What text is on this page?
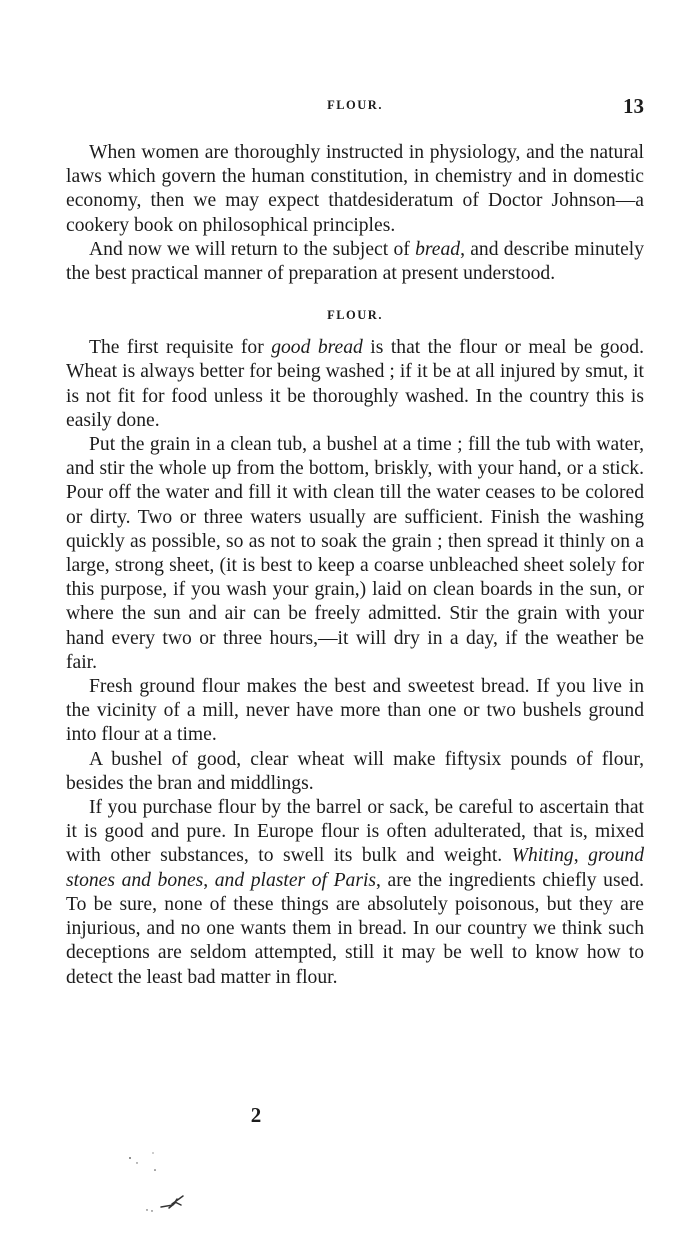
FLOUR.	13

When women are thoroughly instructed in physiology, and the natural laws which govern the human constitution, in chemistry and in domestic economy, then we may expect thatdesideratum of Doctor Johnson—a cookery book on philosophical principles.

And now we will return to the subject of bread, and describe minutely the best practical manner of preparation at present understood.

FLOUR.

The first requisite for good bread is that the flour or meal be good. Wheat is always better for being washed ; if it be at all injured by smut, it is not fit for food unless it be thoroughly washed. In the country this is easily done.

Put the grain in a clean tub, a bushel at a time ; fill the tub with water, and stir the whole up from the bottom, briskly, with your hand, or a stick. Pour off the water and fill it with clean till the water ceases to be colored or dirty. Two or three waters usually are sufficient. Finish the washing quickly as possible, so as not to soak the grain ; then spread it thinly on a large, strong sheet, (it is best to keep a coarse unbleached sheet solely for this purpose, if you wash your grain,) laid on clean boards in the sun, or where the sun and air can be freely admitted. Stir the grain with your hand every two or three hours,—it will dry in a day, if the weather be fair.

Fresh ground flour makes the best and sweetest bread. If you live in the vicinity of a mill, never have more than one or two bushels ground into flour at a time.

A bushel of good, clear wheat will make fiftysix pounds of flour, besides the bran and middlings.

If you purchase flour by the barrel or sack, be careful to ascertain that it is good and pure. In Europe flour is often adulterated, that is, mixed with other substances, to swell its bulk and weight. Whiting, ground stones and bones, and plaster of Paris, are the ingredients chiefly used. To be sure, none of these things are absolutely poisonous, but they are injurious, and no one wants them in bread. In our country we think such deceptions are seldom attempted, still it may be well to know how to detect the least bad matter in flour.

2
